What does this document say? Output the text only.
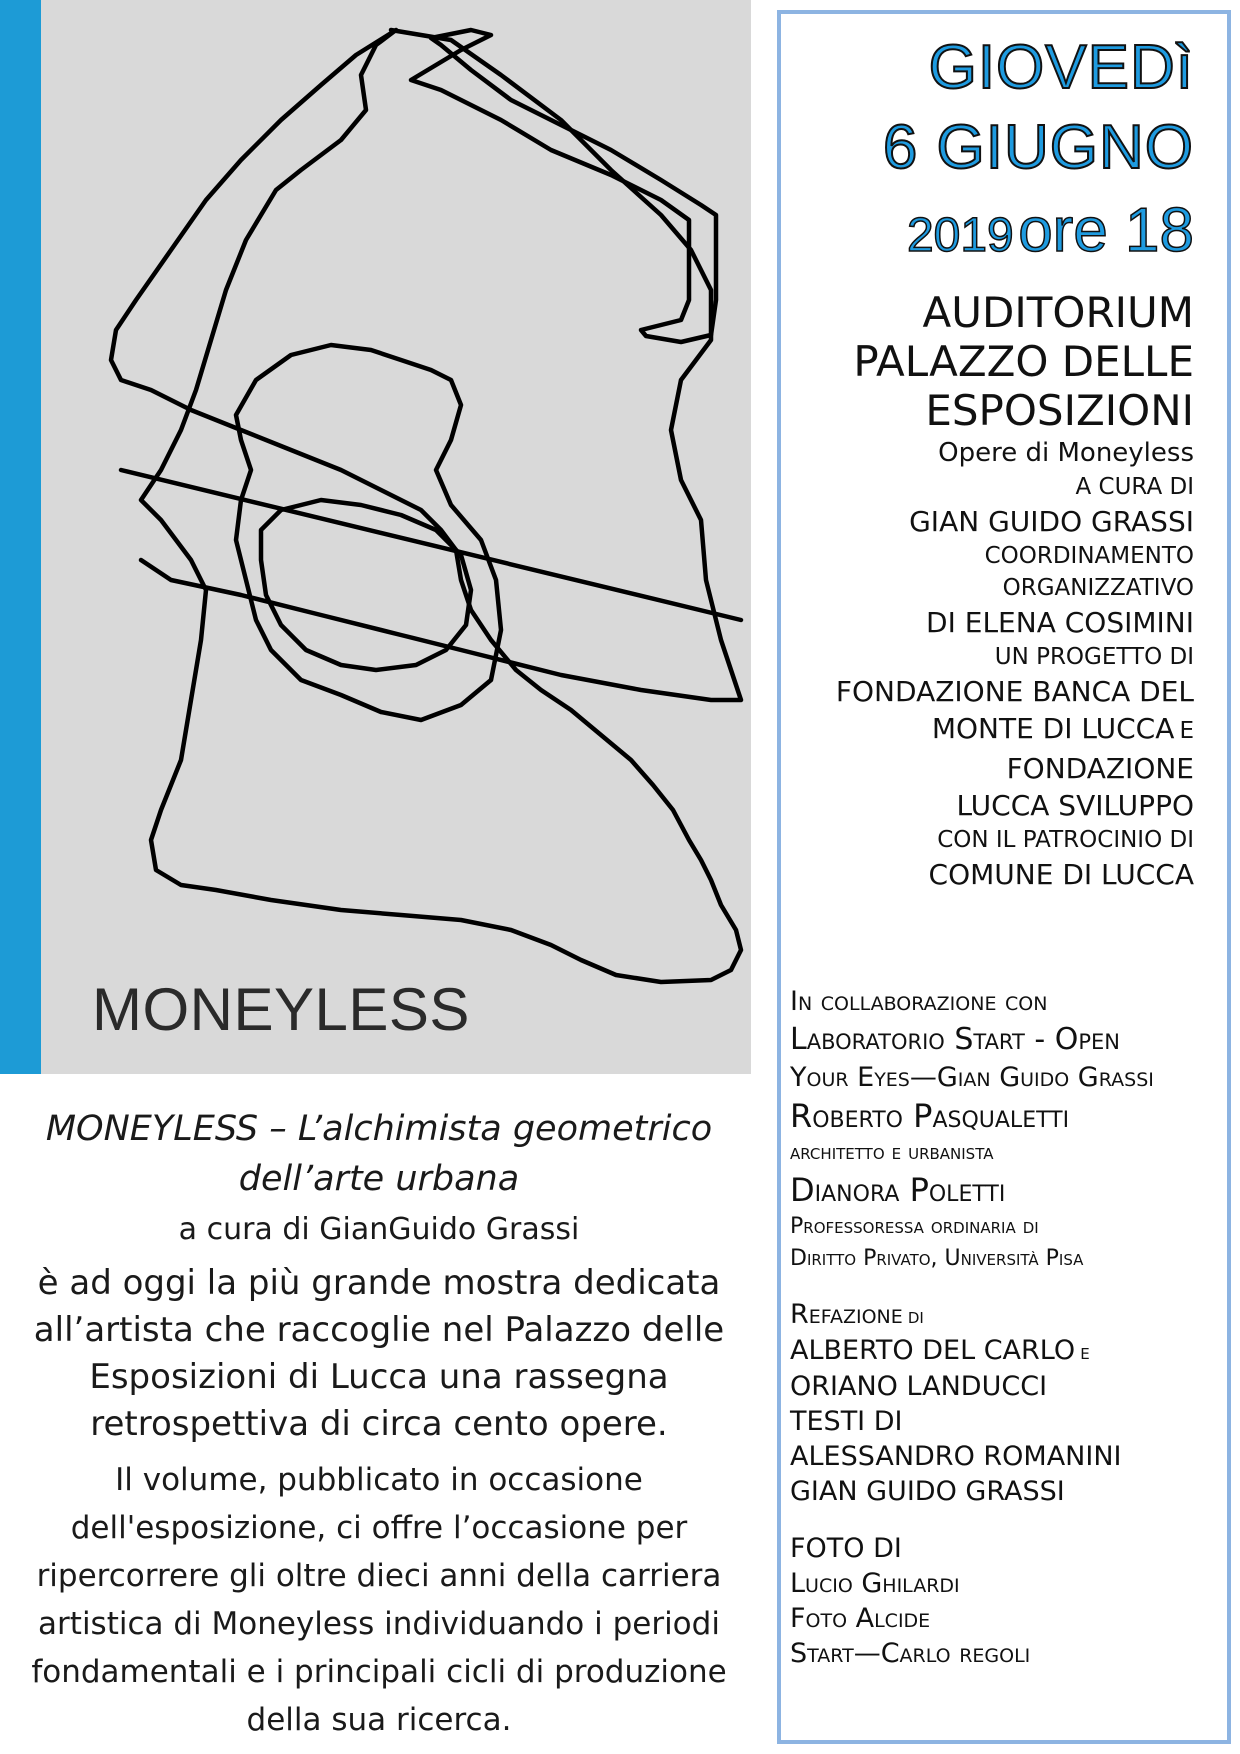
MONEYLESS
MONEYLESS – L’alchimista geometrico
dell’arte urbana
a cura di GianGuido Grassi
è ad oggi la più grande mostra dedicata
all’artista che raccoglie nel Palazzo delle
Esposizioni di Lucca una rassegna
retrospettiva di circa cento opere.
Il volume, pubblicato in occasione
dell'esposizione, ci offre l’occasione per
ripercorrere gli oltre dieci anni della carriera
artistica di Moneyless individuando i periodi
fondamentali e i principali cicli di produzione
della sua ricerca.
GIOVEDì
6 GIUGNO
2019 ore 18
AUDITORIUM
PALAZZO DELLE
ESPOSIZIONI
Opere di Moneyless
A CURA DI
GIAN GUIDO GRASSI
COORDINAMENTO
ORGANIZZATIVO
DI ELENA COSIMINI
UN PROGETTO DI
FONDAZIONE BANCA DEL
MONTE DI LUCCA E
FONDAZIONE
LUCCA SVILUPPO
CON IL PATROCINIO DI
COMUNE DI LUCCA
In collaborazione con
Laboratorio Start - Open
Your Eyes—Gian Guido Grassi
Roberto Pasqualetti
architetto e urbanista
Dianora Poletti
Professoressa ordinaria di
Diritto Privato, Università Pisa
Refazione di
ALBERTO DEL CARLO e
ORIANO LANDUCCI
TESTI DI
ALESSANDRO ROMANINI
GIAN GUIDO GRASSI
FOTO DI
Lucio Ghilardi
Foto Alcide
Start—Carlo regoli
